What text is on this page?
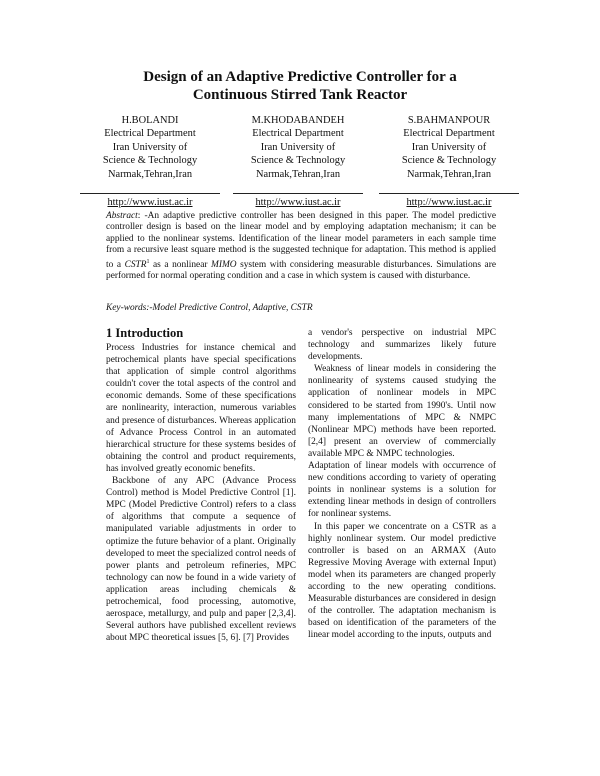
Design of an Adaptive Predictive Controller for a
Continuous Stirred Tank Reactor
H.BOLANDI
Electrical Department
Iran University of
Science & Technology
Narmak,Tehran,Iran
http://www.iust.ac.ir
M.KHODABANDEH
Electrical Department
Iran University of
Science & Technology
Narmak,Tehran,Iran
http://www.iust.ac.ir
S.BAHMANPOUR
Electrical Department
Iran University of
Science & Technology
Narmak,Tehran,Iran
http://www.iust.ac.ir
Abstract: -An adaptive predictive controller has been designed in this paper. The model predictive controller design is based on the linear model and by employing adaptation mechanism; it can be applied to the nonlinear systems. Identification of the linear model parameters in each sample time from a recursive least square method is the suggested technique for adaptation. This method is applied to a CSTR$^1$ as a nonlinear MIMO system with considering measurable disturbances. Simulations are performed for normal operating condition and a case in which system is caused with disturbance.
Key-words:-Model Predictive Control, Adaptive, CSTR
1 Introduction

Process Industries for instance chemical and petrochemical plants have special specifications that application of simple control algorithms couldn't cover the total aspects of the control and economic demands. Some of these specifications are nonlinearity, interaction, numerous variables and presence of disturbances. Whereas application of Advance Process Control in an automated hierarchical structure for these systems besides of obtaining the control and product requirements, has involved greatly economic benefits.

Backbone of any APC (Advance Process Control) method is Model Predictive Control [1]. MPC (Model Predictive Control) refers to a class of algorithms that compute a sequence of manipulated variable adjustments in order to optimize the future behavior of a plant. Originally developed to meet the specialized control needs of power plants and petroleum refineries, MPC technology can now be found in a wide variety of application areas including chemicals & petrochemical, food processing, automotive, aerospace, metallurgy, and pulp and paper [2,3,4]. Several authors have published excellent reviews about MPC theoretical issues [5, 6]. [7] Provides

a vendor's perspective on industrial MPC technology and summarizes likely future developments.

Weakness of linear models in considering the nonlinearity of systems caused studying the application of nonlinear models in MPC considered to be started from 1990's. Until now many implementations of MPC & NMPC (Nonlinear MPC) methods have been reported. [2,4] present an overview of commercially available MPC & NMPC technologies.

Adaptation of linear models with occurrence of new conditions according to variety of operating points in nonlinear systems is a solution for extending linear methods in design of controllers for nonlinear systems.

In this paper we concentrate on a CSTR as a highly nonlinear system. Our model predictive controller is based on an ARMAX (Auto Regressive Moving Average with external Input) model when its parameters are changed properly according to the new operating conditions. Measurable disturbances are considered in design of the controller. The adaptation mechanism is based on identification of the parameters of the linear model according to the inputs, outputs and
